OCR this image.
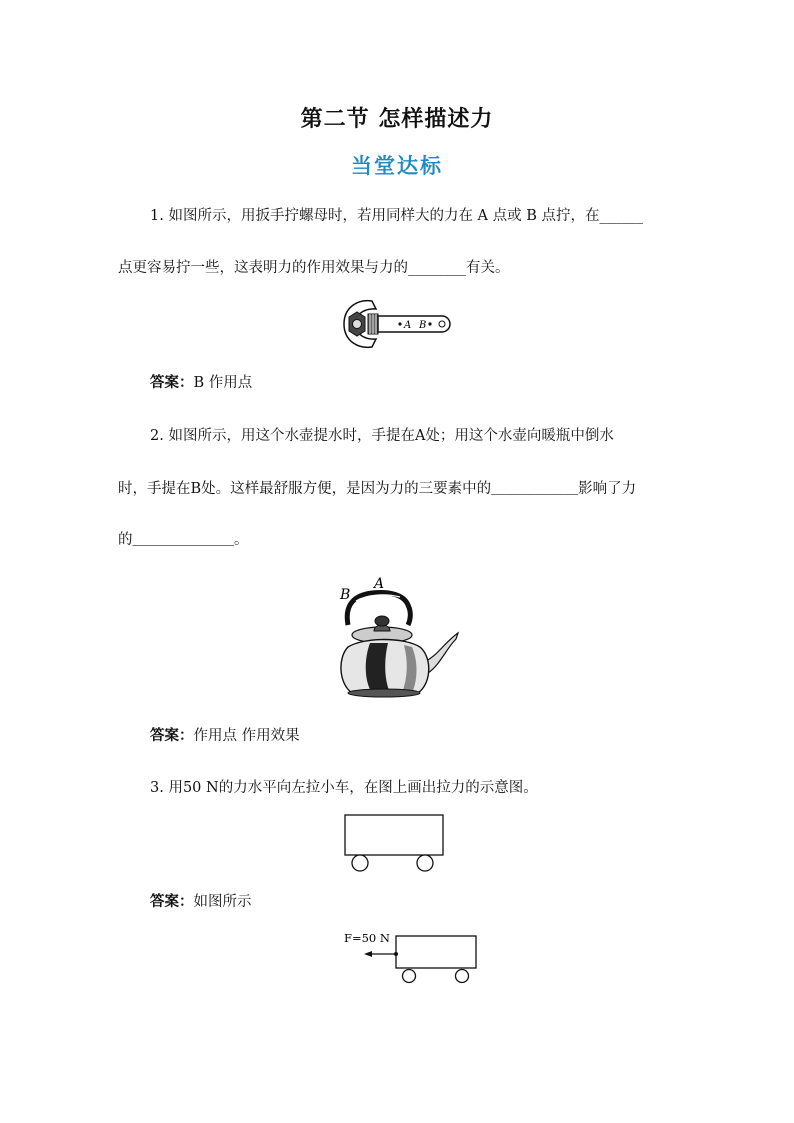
第二节 怎样描述力
当堂达标
1. 如图所示，用扳手拧螺母时，若用同样大的力在 A 点或 B 点拧，在______
点更容易拧一些，这表明力的作用效果与力的________有关。
A B
答案：B 作用点
2. 如图所示，用这个水壶提水时，手提在A处；用这个水壶向暖瓶中倒水
时，手提在B处。这样最舒服方便，是因为力的三要素中的＿＿＿＿＿＿影响了力
的＿＿＿＿＿＿＿。
B
A
答案：作用点 作用效果
3. 用50 N的力水平向左拉小车，在图上画出拉力的示意图。
答案：如图所示
F=50 N
